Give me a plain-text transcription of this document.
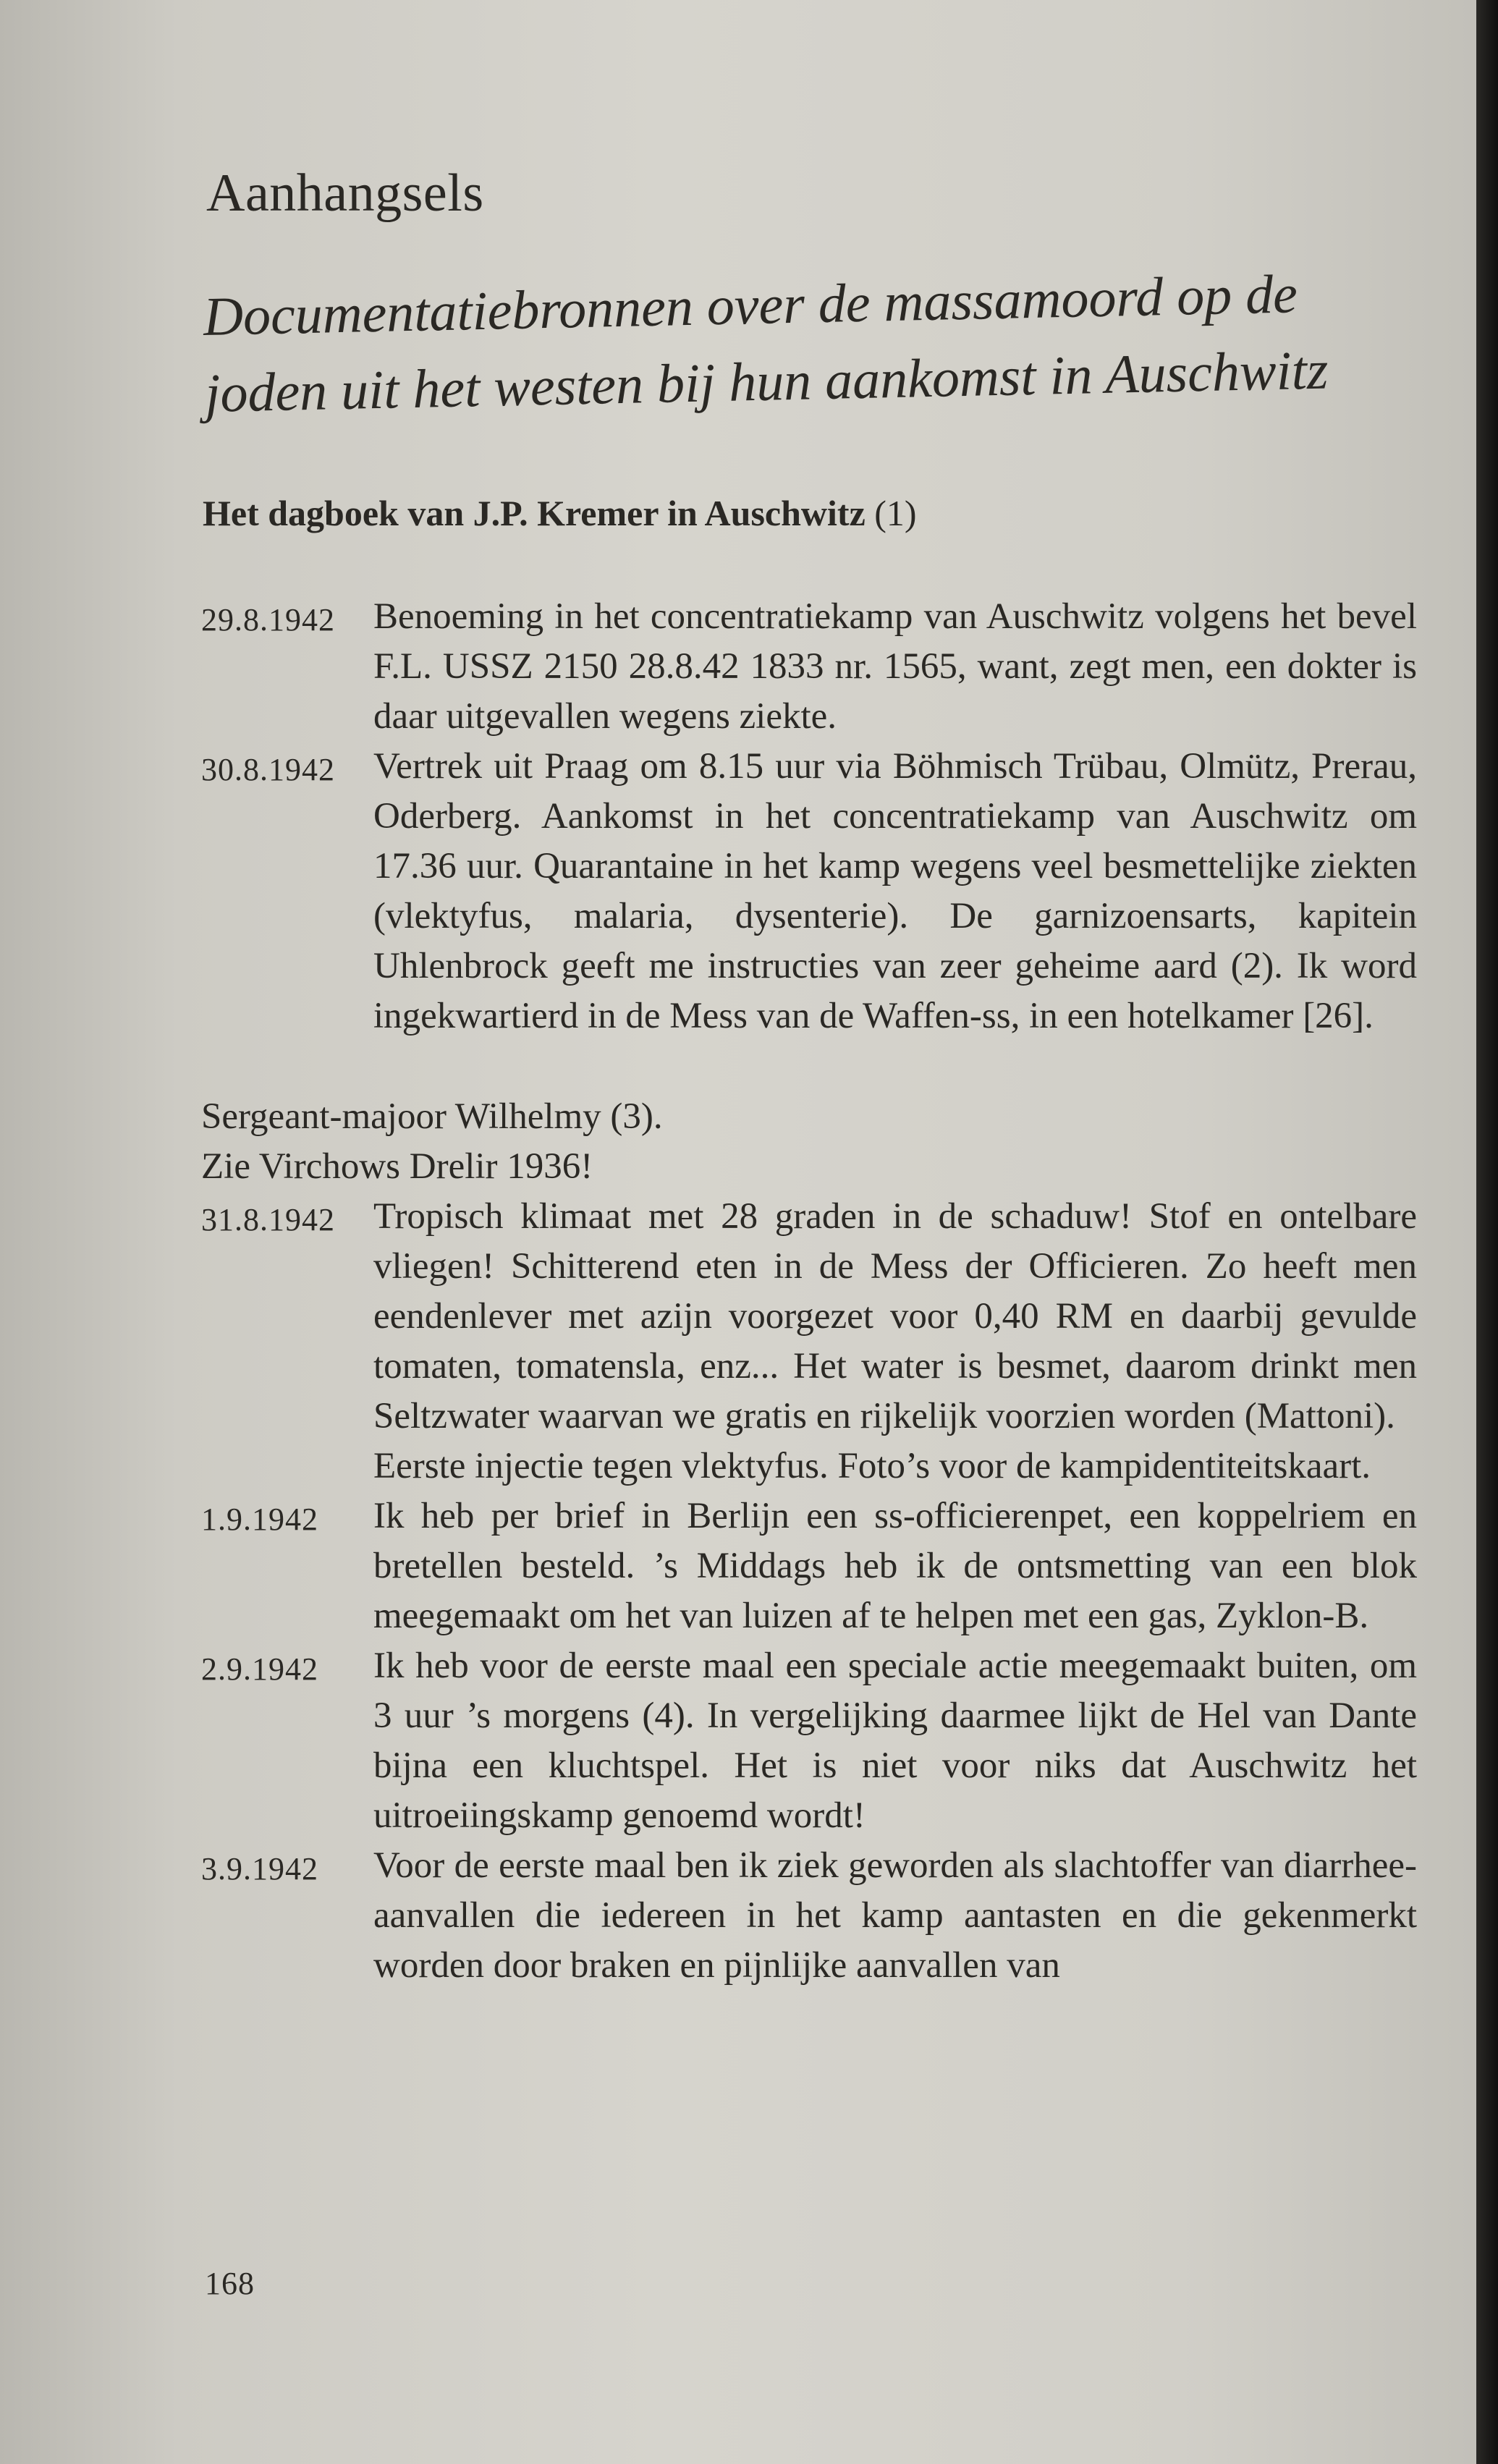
Aanhangsels
Documentatiebronnen over de massamoord op de joden uit het westen bij hun aankomst in Auschwitz
Het dagboek van J.P. Kremer in Auschwitz (1)
29.8.1942	Benoeming in het concentratiekamp van Auschwitz volgens het bevel F.L. USSZ 2150 28.8.42 1833 nr. 1565, want, zegt men, een dokter is daar uitgevallen wegens ziekte.

30.8.1942	Vertrek uit Praag om 8.15 uur via Böhmisch Trübau, Olmütz, Prerau, Oderberg. Aankomst in het concentratiekamp van Auschwitz om 17.36 uur. Quarantaine in het kamp wegens veel besmettelijke ziekten (vlektyfus, malaria, dysenterie). De garnizoensarts, kapitein Uhlenbrock geeft me instructies van zeer geheime aard (2). Ik word ingekwartierd in de Mess van de Waffen-ss, in een hotelkamer [26].

Sergeant-majoor Wilhelmy (3).

Zie Virchows Drelir 1936!

31.8.1942	Tropisch klimaat met 28 graden in de schaduw! Stof en ontelbare vliegen! Schitterend eten in de Mess der Officieren. Zo heeft men eendenlever met azijn voorgezet voor 0,40 RM en daarbij gevulde tomaten, tomatensla, enz... Het water is besmet, daarom drinkt men Seltzwater waarvan we gratis en rijkelijk voorzien worden (Mattoni).

Eerste injectie tegen vlektyfus. Foto’s voor de kampidentiteitskaart.

1.9.1942	Ik heb per brief in Berlijn een ss-officierenpet, een koppelriem en bretellen besteld. ’s Middags heb ik de ontsmetting van een blok meegemaakt om het van luizen af te helpen met een gas, Zyklon-B.

2.9.1942	Ik heb voor de eerste maal een speciale actie meegemaakt buiten, om 3 uur ’s morgens (4). In vergelijking daarmee lijkt de Hel van Dante bijna een kluchtspel. Het is niet voor niks dat Auschwitz het uitroeiingskamp genoemd wordt!

3.9.1942	Voor de eerste maal ben ik ziek geworden als slachtoffer van diarrhee-aanvallen die iedereen in het kamp aantasten en die gekenmerkt worden door braken en pijnlijke aanvallen van

168
